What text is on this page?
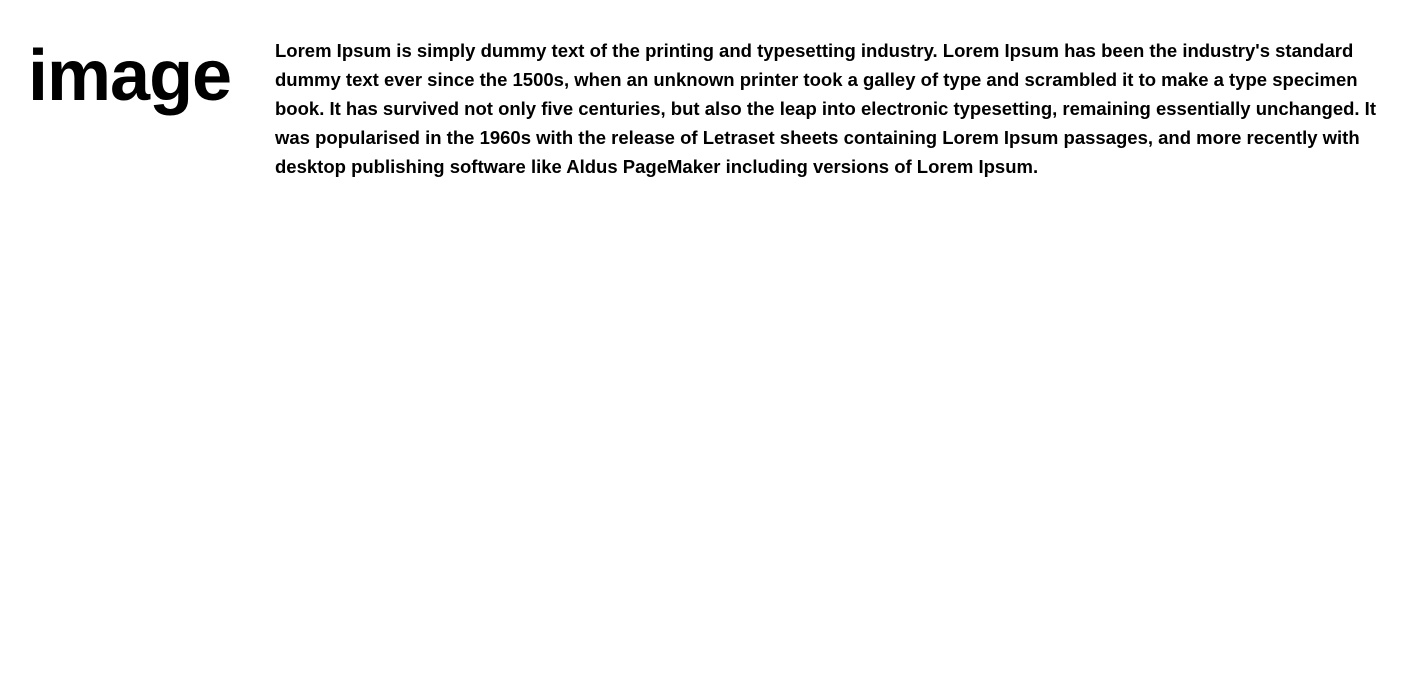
image	Lorem Ipsum is simply dummy text of the printing and typesetting industry. Lorem Ipsum has been the industry's standard dummy text ever since the 1500s, when an unknown printer took a galley of type and scrambled it to make a type specimen book. It has survived not only five centuries, but also the leap into electronic typesetting, remaining essentially unchanged. It was popularised in the 1960s with the release of Letraset sheets containing Lorem Ipsum passages, and more recently with desktop publishing software like Aldus PageMaker including versions of Lorem Ipsum.
